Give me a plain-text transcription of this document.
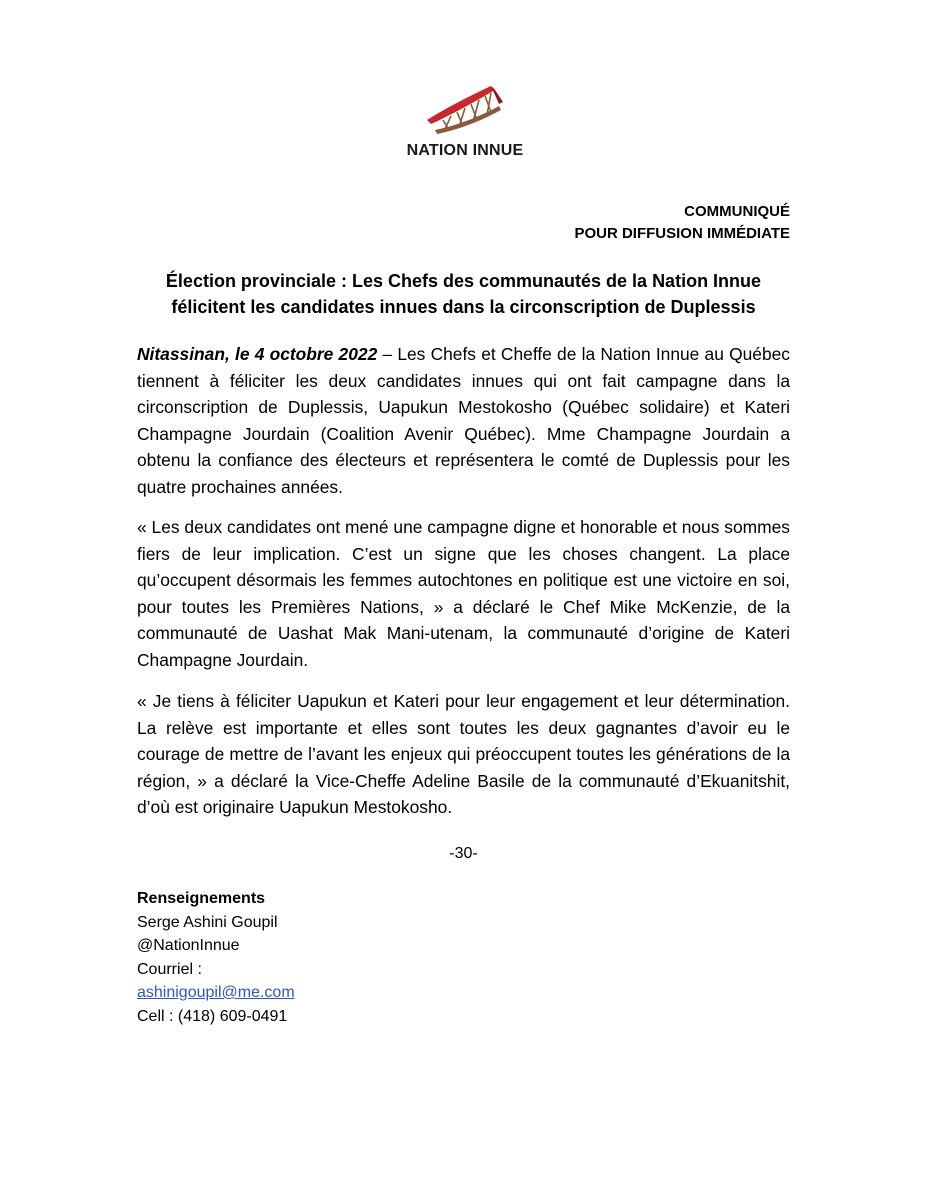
NATION INNUE
COMMUNIQUÉ
POUR DIFFUSION IMMÉDIATE
Élection provinciale : Les Chefs des communautés de la Nation Innue
félicitent les candidates innues dans la circonscription de Duplessis

Nitassinan, le 4 octobre 2022 – Les Chefs et Cheffe de la Nation Innue au Québec tiennent à féliciter les deux candidates innues qui ont fait campagne dans la circonscription de Duplessis, Uapukun Mestokosho (Québec solidaire) et Kateri Champagne Jourdain (Coalition Avenir Québec). Mme Champagne Jourdain a obtenu la confiance des électeurs et représentera le comté de Duplessis pour les quatre prochaines années.

« Les deux candidates ont mené une campagne digne et honorable et nous sommes fiers de leur implication. C’est un signe que les choses changent. La place qu’occupent désormais les femmes autochtones en politique est une victoire en soi, pour toutes les Premières Nations, » a déclaré le Chef Mike McKenzie, de la communauté de Uashat Mak Mani-utenam, la communauté d’origine de Kateri Champagne Jourdain.

« Je tiens à féliciter Uapukun et Kateri pour leur engagement et leur détermination. La relève est importante et elles sont toutes les deux gagnantes d’avoir eu le courage de mettre de l’avant les enjeux qui préoccupent toutes les générations de la région, » a déclaré la Vice-Cheffe Adeline Basile de la communauté d’Ekuanitshit, d’où est originaire Uapukun Mestokosho.

-30-
Renseignements
Serge Ashini Goupil
@NationInnue
Courriel :
ashinigoupil@me.com
Cell : (418) 609-0491
